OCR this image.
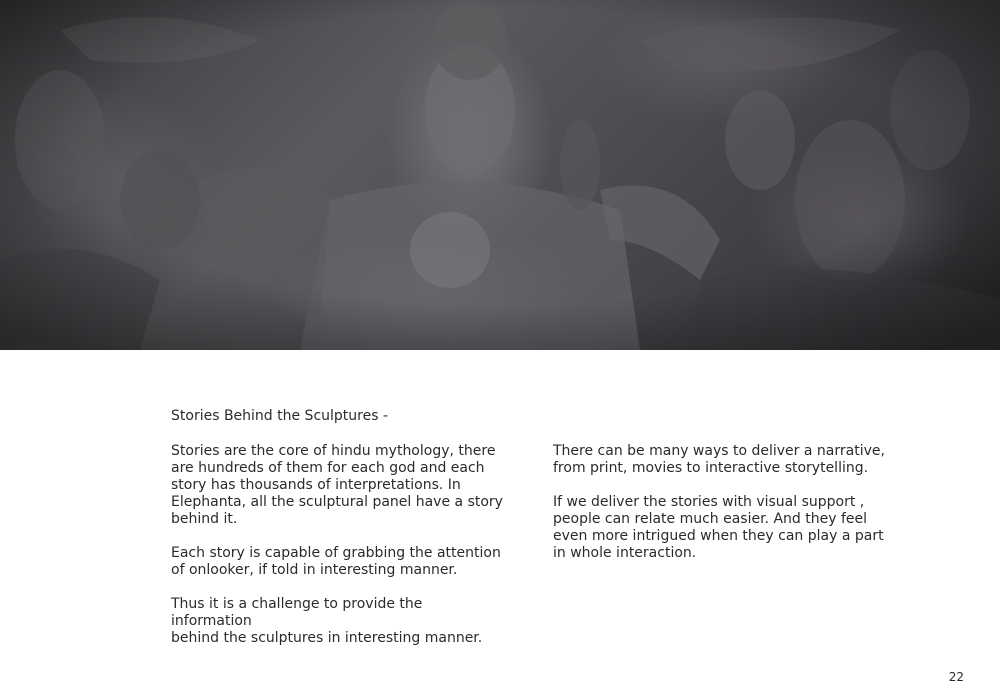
Stories Behind the Sculptures -

Stories are the core of hindu mythology, there
are hundreds of them for each god and each
story has thousands of interpretations. In
Elephanta, all the sculptural panel have a story
behind it.

Each story is capable of grabbing the attention
of onlooker, if told in interesting manner.

Thus it is a challenge to provide the information
behind the sculptures in interesting manner.

There can be many ways to deliver a narrative,
from print, movies to interactive storytelling.

If we deliver the stories with visual support ,
people can relate much easier. And they feel
even more intrigued when they can play a part
in whole interaction.

22
